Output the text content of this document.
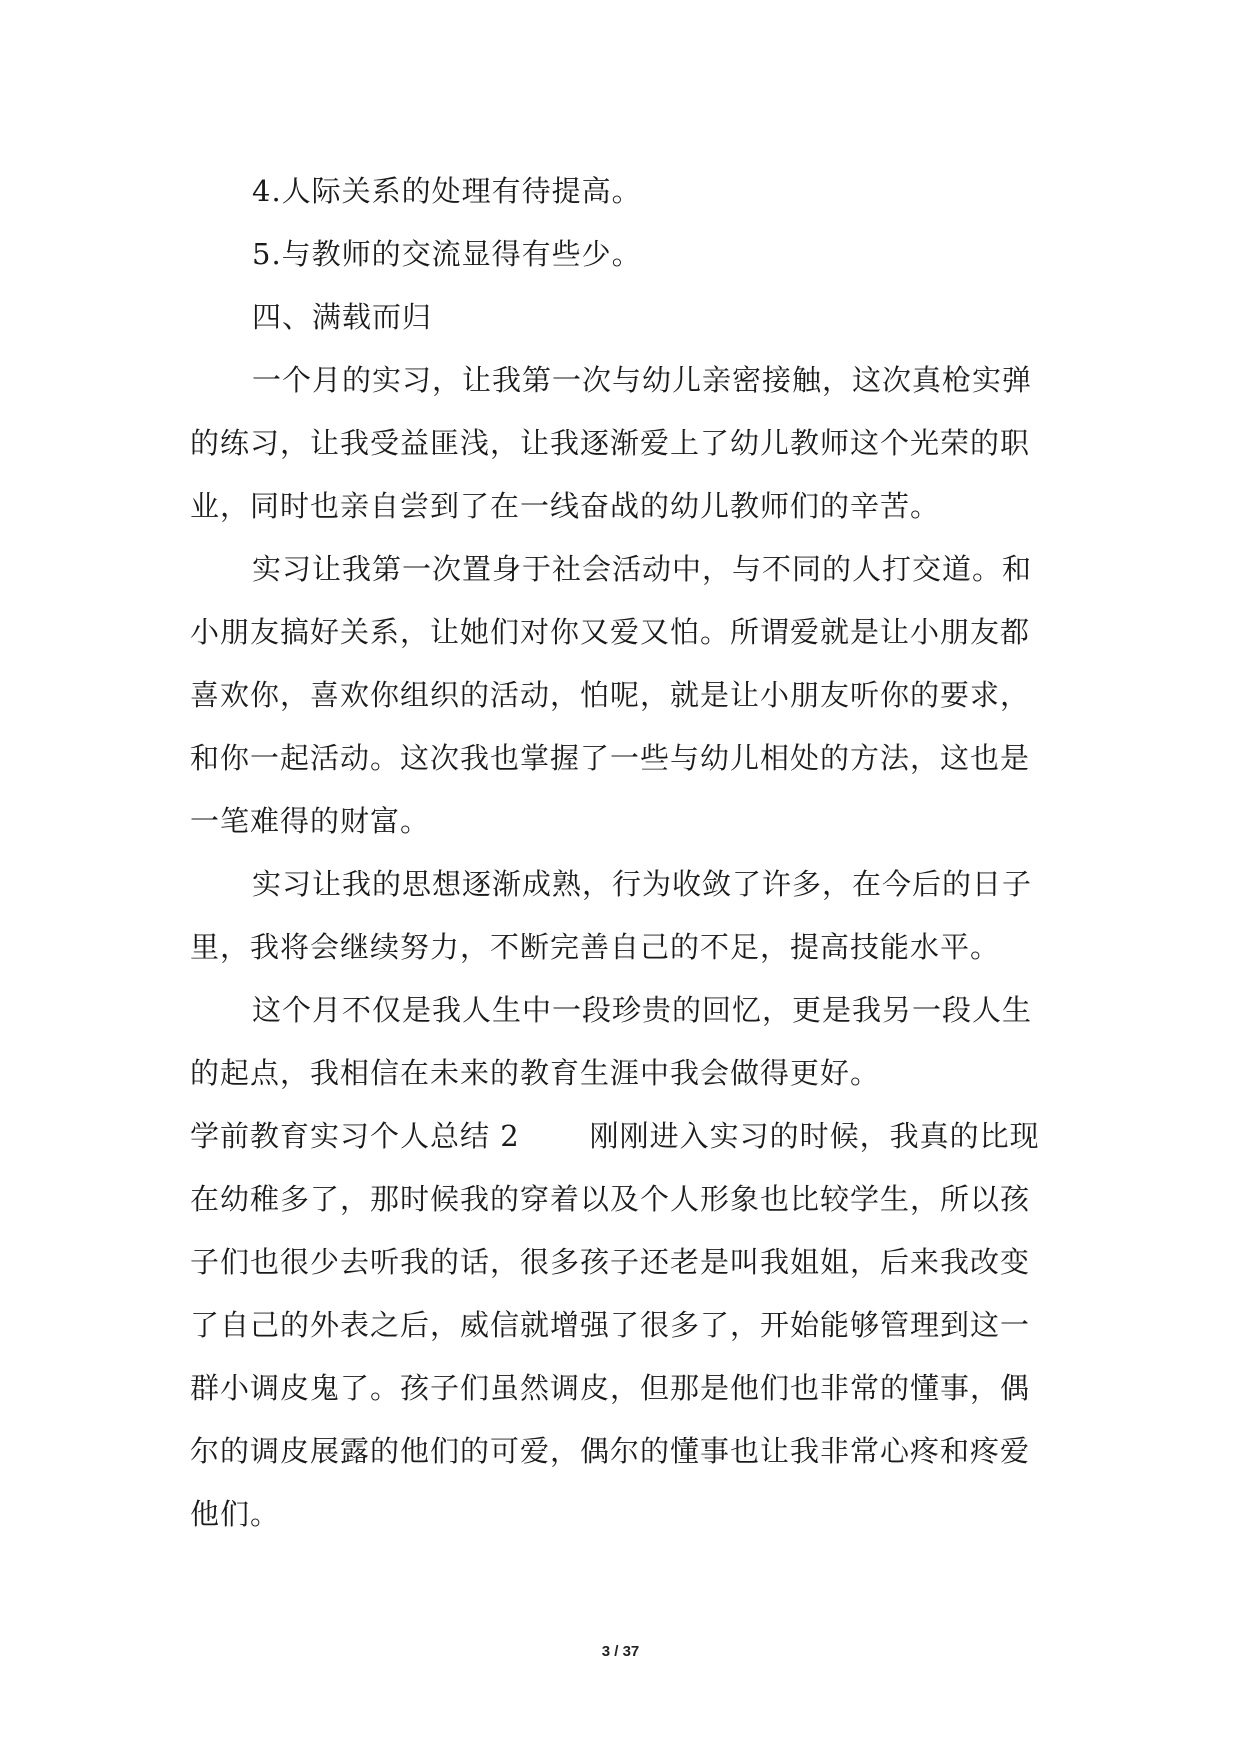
4.人际关系的处理有待提高。

5.与教师的交流显得有些少。

四、满载而归

一个月的实习，让我第一次与幼儿亲密接触，这次真枪实弹的练习，让我受益匪浅，让我逐渐爱上了幼儿教师这个光荣的职业，同时也亲自尝到了在一线奋战的幼儿教师们的辛苦。

实习让我第一次置身于社会活动中，与不同的人打交道。和小朋友搞好关系，让她们对你又爱又怕。所谓爱就是让小朋友都喜欢你，喜欢你组织的活动，怕呢，就是让小朋友听你的要求，和你一起活动。这次我也掌握了一些与幼儿相处的方法，这也是一笔难得的财富。

实习让我的思想逐渐成熟，行为收敛了许多，在今后的日子里，我将会继续努力，不断完善自己的不足，提高技能水平。

这个月不仅是我人生中一段珍贵的回忆，更是我另一段人生的起点，我相信在未来的教育生涯中我会做得更好。

学前教育实习个人总结 2 刚刚进入实习的时候，我真的比现在幼稚多了，那时候我的穿着以及个人形象也比较学生，所以孩子们也很少去听我的话，很多孩子还老是叫我姐姐，后来我改变了自己的外表之后，威信就增强了很多了，开始能够管理到这一群小调皮鬼了。孩子们虽然调皮，但那是他们也非常的懂事，偶尔的调皮展露的他们的可爱，偶尔的懂事也让我非常心疼和疼爱他们。

3 / 37
